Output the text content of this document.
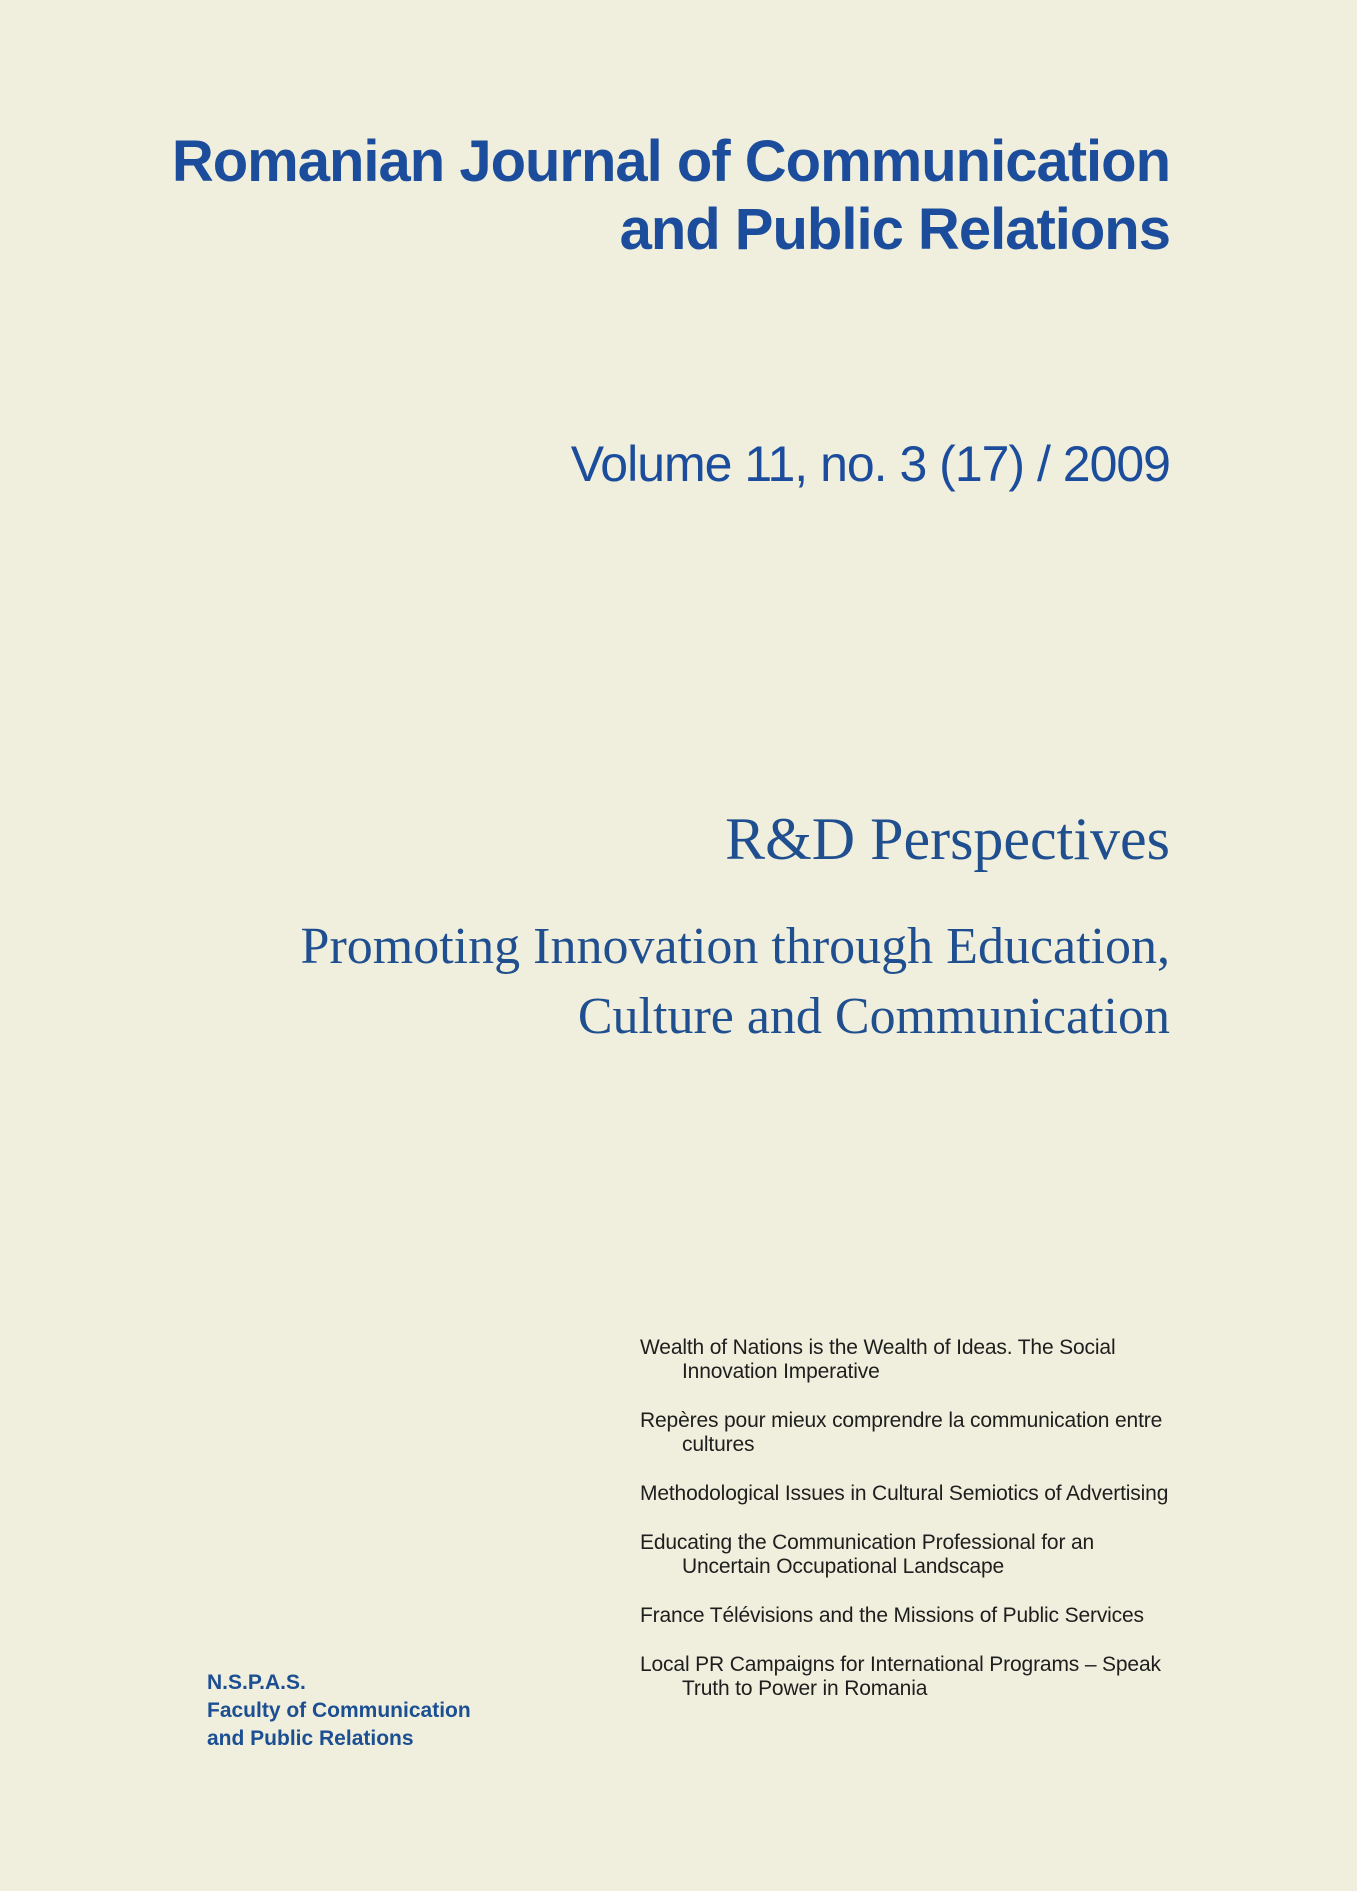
Romanian Journal of Communication
and Public Relations
Volume 11, no. 3 (17) / 2009
R&D Perspectives
Promoting Innovation through Education,
Culture and Communication
Wealth of Nations is the Wealth of Ideas. The Social Innovation Imperative
Repères pour mieux comprendre la communication entre cultures
Methodological Issues in Cultural Semiotics of Advertising
Educating the Communication Professional for an Uncertain Occupational Landscape
France Télévisions and the Missions of Public Services
Local PR Campaigns for International Programs – Speak Truth to Power in Romania
N.S.P.A.S.
Faculty of Communication
and Public Relations
